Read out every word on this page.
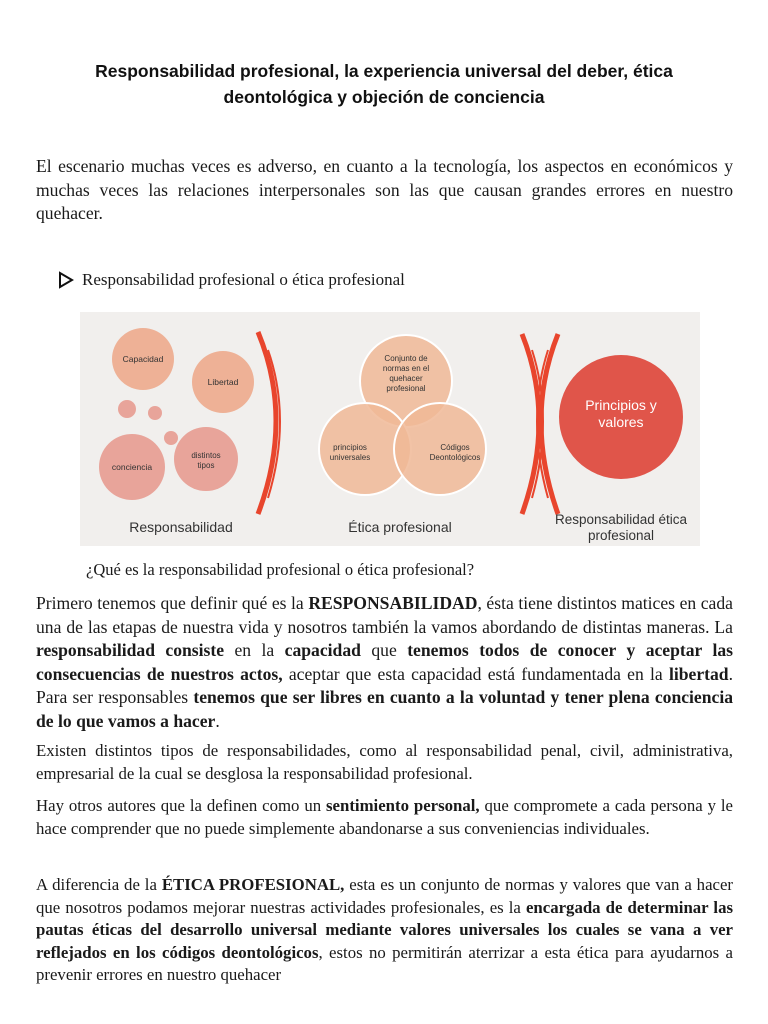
Responsabilidad profesional, la experiencia universal del deber, ética
deontológica y objeción de conciencia

El escenario muchas veces es adverso, en cuanto a la tecnología, los aspectos en económicos y muchas veces las relaciones interpersonales son las que causan grandes errores en nuestro quehacer.

Responsabilidad profesional o ética profesional
Capacidad
Libertad
conciencia
distintos tipos
Responsabilidad
Conjunto de normas en el quehacer profesional
principios universales
Códigos Deontológicos
Ética profesional
Principios y valores
Responsabilidad ética profesional
¿Qué es la responsabilidad profesional o ética profesional?

Primero tenemos que definir qué es la RESPONSABILIDAD, ésta tiene distintos matices en cada una de las etapas de nuestra vida y nosotros también la vamos abordando de distintas maneras. La responsabilidad consiste en la capacidad que tenemos todos de conocer y aceptar las consecuencias de nuestros actos, aceptar que esta capacidad está fundamentada en la libertad. Para ser responsables tenemos que ser libres en cuanto a la voluntad y tener plena conciencia de lo que vamos a hacer.

Existen distintos tipos de responsabilidades, como al responsabilidad penal, civil, administrativa, empresarial de la cual se desglosa la responsabilidad profesional.

Hay otros autores que la definen como un sentimiento personal, que compromete a cada persona y le hace comprender que no puede simplemente abandonarse a sus conveniencias individuales.

A diferencia de la ÉTICA PROFESIONAL, esta es un conjunto de normas y valores que van a hacer que nosotros podamos mejorar nuestras actividades profesionales, es la encargada de determinar las pautas éticas del desarrollo universal mediante valores universales los cuales se vana a ver reflejados en los códigos deontológicos, estos no permitirán aterrizar a esta ética para ayudarnos a prevenir errores en nuestro quehacer
